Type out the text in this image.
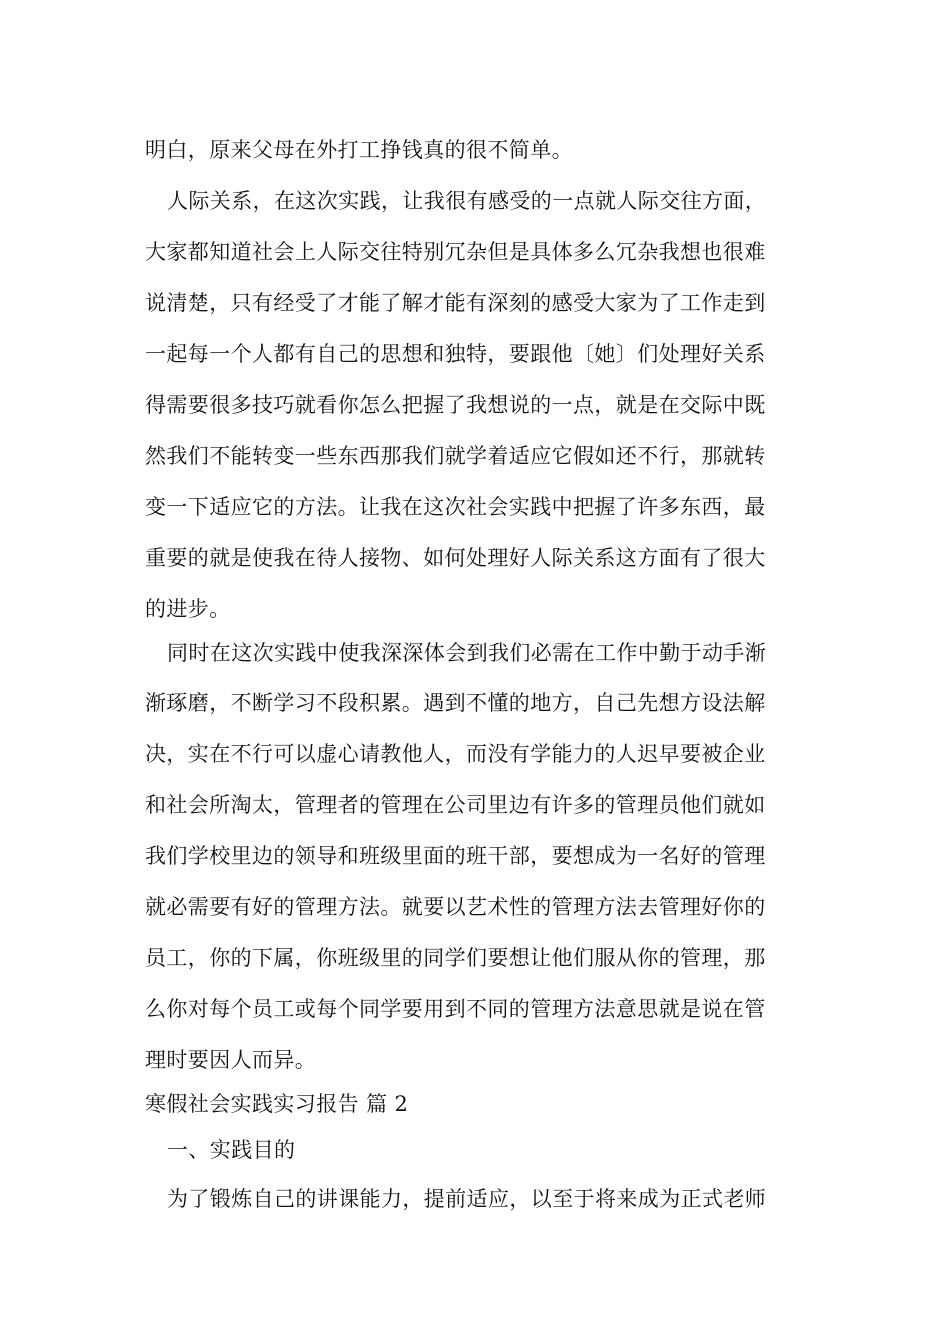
明白，原来父母在外打工挣钱真的很不简单。
人际关系，在这次实践，让我很有感受的一点就人际交往方面，
大家都知道社会上人际交往特别冗杂但是具体多么冗杂我想也很难
说清楚，只有经受了才能了解才能有深刻的感受大家为了工作走到
一起每一个人都有自己的思想和独特，要跟他〔她〕们处理好关系
得需要很多技巧就看你怎么把握了我想说的一点，就是在交际中既
然我们不能转变一些东西那我们就学着适应它假如还不行，那就转
变一下适应它的方法。让我在这次社会实践中把握了许多东西，最
重要的就是使我在待人接物、如何处理好人际关系这方面有了很大
的进步。
同时在这次实践中使我深深体会到我们必需在工作中勤于动手渐
渐琢磨，不断学习不段积累。遇到不懂的地方，自己先想方设法解
决，实在不行可以虚心请教他人，而没有学能力的人迟早要被企业
和社会所淘太，管理者的管理在公司里边有许多的管理员他们就如
我们学校里边的领导和班级里面的班干部，要想成为一名好的管理
就必需要有好的管理方法。就要以艺术性的管理方法去管理好你的
员工，你的下属，你班级里的同学们要想让他们服从你的管理，那
么你对每个员工或每个同学要用到不同的管理方法意思就是说在管
理时要因人而异。
寒假社会实践实习报告 篇 2
一、实践目的
为了锻炼自己的讲课能力，提前适应，以至于将来成为正式老师
